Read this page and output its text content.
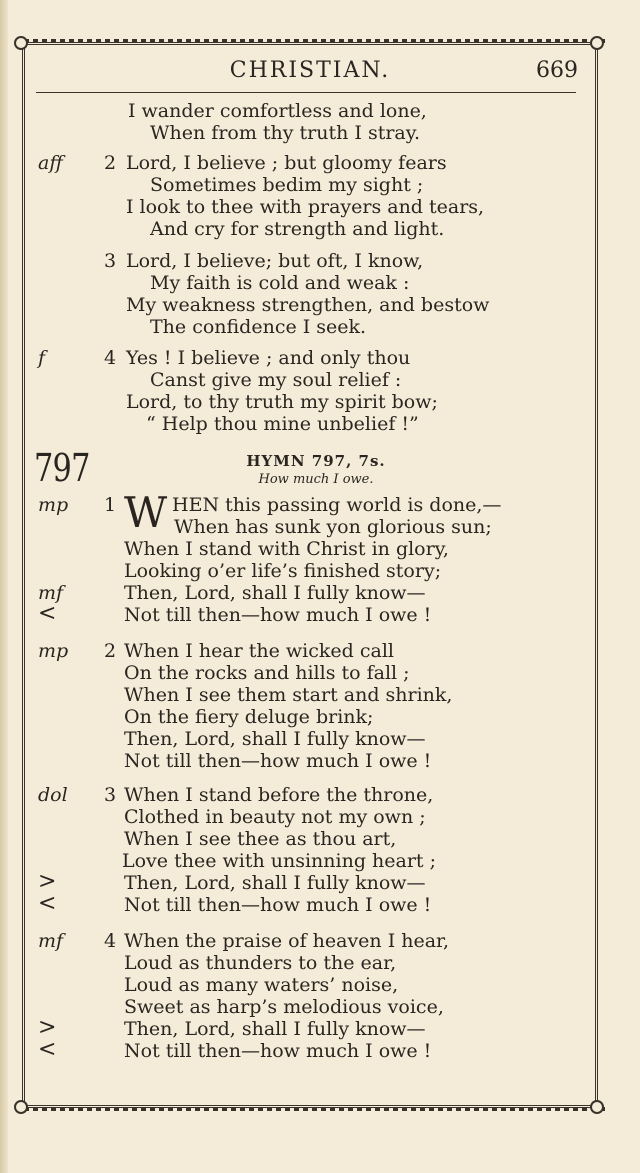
CHRISTIAN.	669
I wander comfortless and lone,
When from thy truth I stray.
aff 2 Lord, I believe ; but gloomy fears
Sometimes bedim my sight ;
I look to thee with prayers and tears,
And cry for strength and light.
3 Lord, I believe; but oft, I know,
My faith is cold and weak :
My weakness strengthen, and bestow
The confidence I seek.
f	4 Yes ! I believe ; and only thou
Canst give my soul relief :
Lord, to thy truth my spirit bow;
“ Help thou mine unbelief !”
797	HYMN 797, 7s.
How much I owe.
mp 1 W HEN this passing world is done,—
When has sunk yon glorious sun;
When I stand with Christ in glory,
Looking o’er life’s finished story;
mf	Then, Lord, shall I fully know—
<	Not till then—how much I owe !
mp 2 When I hear the wicked call
On the rocks and hills to fall ;
When I see them start and shrink,
On the fiery deluge brink;
Then, Lord, shall I fully know—
Not till then—how much I owe !
dol 3 When I stand before the throne,
Clothed in beauty not my own ;
When I see thee as thou art,
Love thee with unsinning heart ;
>	Then, Lord, shall I fully know—
<	Not till then—how much I owe !
mf 4 When the praise of heaven I hear,
Loud as thunders to the ear,
Loud as many waters’ noise,
Sweet as harp’s melodious voice,
>	Then, Lord, shall I fully know—
<	Not till then—how much I owe !
